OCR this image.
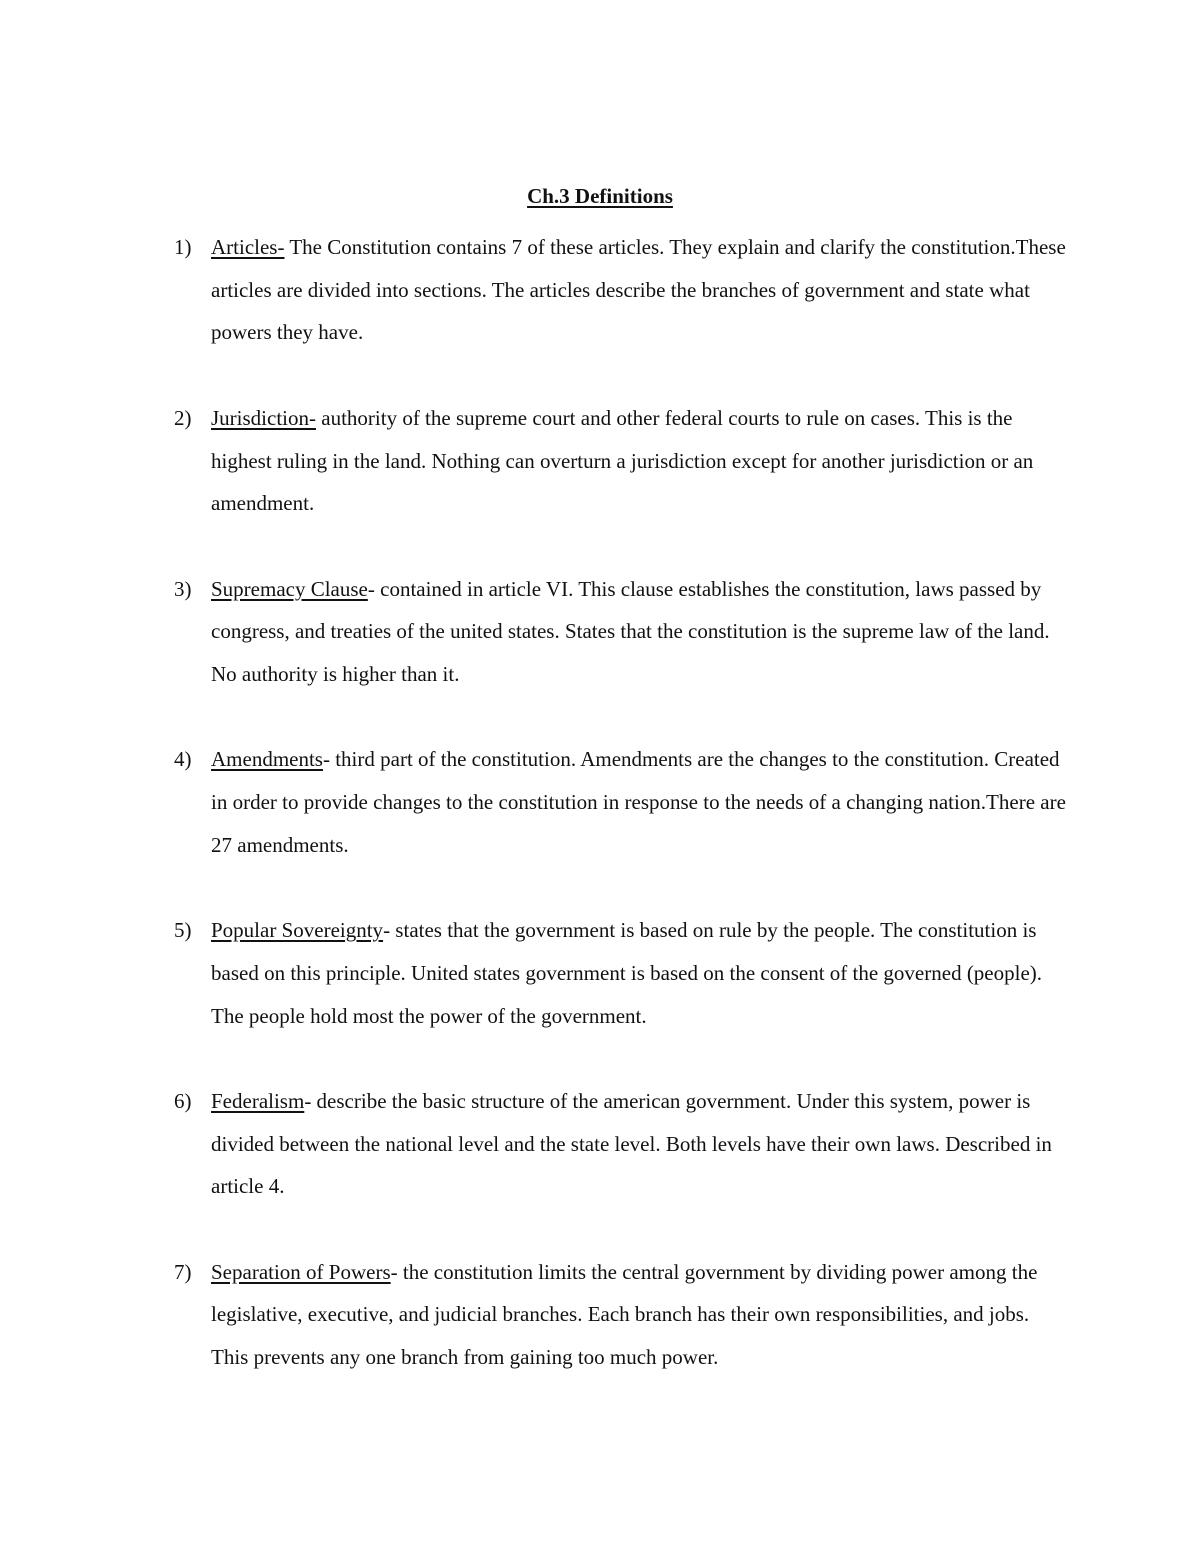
Ch.3 Definitions
1) Articles- The Constitution contains 7 of these articles. They explain and clarify the constitution.These articles are divided into sections. The articles describe the branches of government and state what powers they have.
2) Jurisdiction- authority of the supreme court and other federal courts to rule on cases. This is the highest ruling in the land. Nothing can overturn a jurisdiction except for another jurisdiction or an amendment.
3) Supremacy Clause- contained in article VI. This clause establishes the constitution, laws passed by congress, and treaties of the united states. States that the constitution is the supreme law of the land. No authority is higher than it.
4) Amendments- third part of the constitution. Amendments are the changes to the constitution. Created in order to provide changes to the constitution in response to the needs of a changing nation.There are 27 amendments.
5) Popular Sovereignty- states that the government is based on rule by the people. The constitution is based on this principle. United states government is based on the consent of the governed (people). The people hold most the power of the government.
6) Federalism- describe the basic structure of the american government. Under this system, power is divided between the national level and the state level. Both levels have their own laws. Described in article 4.
7) Separation of Powers- the constitution limits the central government by dividing power among the legislative, executive, and judicial branches. Each branch has their own responsibilities, and jobs. This prevents any one branch from gaining too much power.
